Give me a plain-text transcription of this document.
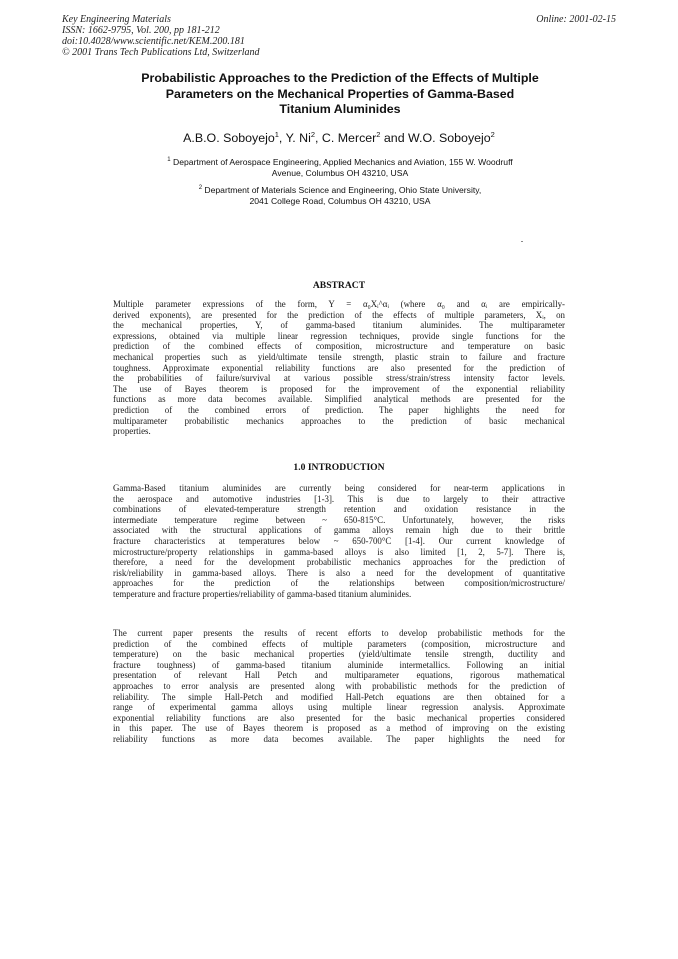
Key Engineering Materials
ISSN: 1662-9795, Vol. 200, pp 181-212
doi:10.4028/www.scientific.net/KEM.200.181
© 2001 Trans Tech Publications Ltd, Switzerland
Online: 2001-02-15
Probabilistic Approaches to the Prediction of the Effects of Multiple
Parameters on the Mechanical Properties of Gamma-Based
Titanium Aluminides
A.B.O. Soboyejo$^1$, Y. Ni$^2$, C. Mercer$^2$ and W.O. Soboyejo$^2$
$^1$ Department of Aerospace Engineering, Applied Mechanics and Aviation, 155 W. Woodruff
Avenue, Columbus OH 43210, USA
$^2$ Department of Materials Science and Engineering, Ohio State University,
2041 College Road, Columbus OH 43210, USA
ABSTRACT
Multiple parameter expressions of the form, Y = α₀Xᵢ^αᵢ (where α₀ and αᵢ are empirically-
derived exponents), are presented for the prediction of the effects of multiple parameters, Xᵢ, on
the mechanical properties, Y, of gamma-based titanium aluminides. The multiparameter
expressions, obtained via multiple linear regression techniques, provide single functions for the
prediction of the combined effects of composition, microstructure and temperature on basic
mechanical properties such as yield/ultimate tensile strength, plastic strain to failure and fracture
toughness. Approximate exponential reliability functions are also presented for the prediction of
the probabilities of failure/survival at various possible stress/strain/stress intensity factor levels.
The use of Bayes theorem is proposed for the improvement of the exponential reliability
functions as more data becomes available. Simplified analytical methods are presented for the
prediction of the combined errors of prediction. The paper highlights the need for
multiparameter probabilistic mechanics approaches to the prediction of basic mechanical
properties.
1.0 INTRODUCTION
Gamma-Based titanium aluminides are currently being considered for near-term applications in
the aerospace and automotive industries [1-3]. This is due to largely to their attractive
combinations of elevated-temperature strength retention and oxidation resistance in the
intermediate temperature regime between ~ 650-815°C. Unfortunately, however, the risks
associated with the structural applications of gamma alloys remain high due to their brittle
fracture characteristics at temperatures below ~ 650-700°C [1-4]. Our current knowledge of
microstructure/property relationships in gamma-based alloys is also limited [1, 2, 5-7]. There is,
therefore, a need for the development probabilistic mechanics approaches for the prediction of
risk/reliability in gamma-based alloys. There is also a need for the development of quantitative
approaches for the prediction of the relationships between composition/microstructure/
temperature and fracture properties/reliability of gamma-based titanium aluminides.
The current paper presents the results of recent efforts to develop probabilistic methods for the
prediction of the combined effects of multiple parameters (composition, microstructure and
temperature) on the basic mechanical properties (yield/ultimate tensile strength, ductility and
fracture toughness) of gamma-based titanium aluminide intermetallics. Following an initial
presentation of relevant Hall Petch and multiparameter equations, rigorous mathematical
approaches to error analysis are presented along with probabilistic methods for the prediction of
reliability. The simple Hall-Petch and modified Hall-Petch equations are then obtained for a
range of experimental gamma alloys using multiple linear regression analysis. Approximate
exponential reliability functions are also presented for the basic mechanical properties considered
in this paper. The use of Bayes theorem is proposed as a method of improving on the existing
reliability functions as more data becomes available. The paper highlights the need for
